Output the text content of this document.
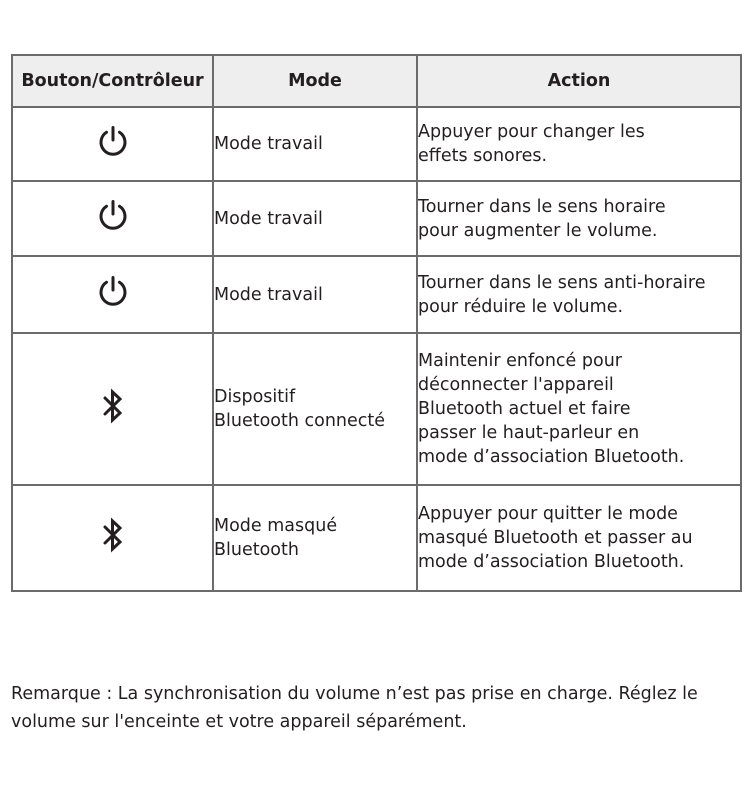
Bouton/Contrôleur	Mode	Action
	Mode travail	Appuyer pour changer les
effets sonores.
	Mode travail	Tourner dans le sens horaire
pour augmenter le volume.
	Mode travail	Tourner dans le sens anti-horaire
pour réduire le volume.
	Dispositif
Bluetooth connecté	Maintenir enfoncé pour
déconnecter l'appareil
Bluetooth actuel et faire
passer le haut-parleur en
mode d’association Bluetooth.
	Mode masqué
Bluetooth	Appuyer pour quitter le mode
masqué Bluetooth et passer au
mode d’association Bluetooth.
Remarque : La synchronisation du volume n’est pas prise en charge. Réglez le
volume sur l'enceinte et votre appareil séparément.
